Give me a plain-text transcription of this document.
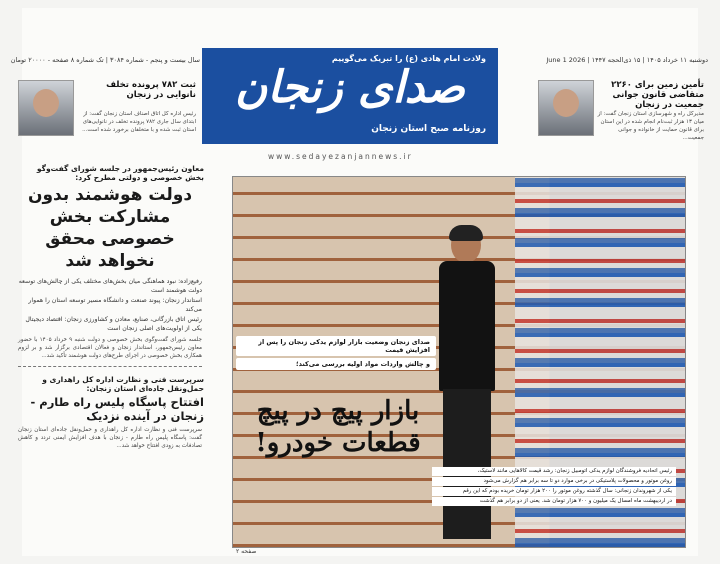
دوشنبه ۱۱ خرداد ۱۴۰۵ | ۱۵ ذی‌الحجه ۱۴۴۷ | 2026 June 1
سال بیست و پنجم - شماره ۳۰۸۴ | تک شماره ۸ صفحه - ۲۰۰۰۰ تومان	ولادت امام هادی (ع) را تبریک می‌گوییم
صدای زنجان
روزنامه صبح استان زنجان
www.sedayezanjannews.ir
تأمین زمین برای ۲۲۶۰ متقاضی قانون جوانی جمعیت در زنجان
مدیرکل راه و شهرسازی استان زنجان گفت: از میان ۱۳ هزار ثبت‌نام انجام شده در این استان برای قانون حمایت از خانواده و جوانی جمعیت...
ثبت ۷۸۲ پرونده تخلف نانوایی در زنجان
رئیس اداره کل اتاق اصناف استان زنجان گفت: از ابتدای سال جاری ۷۸۲ پرونده تخلف در نانوایی‌های استان ثبت شده و با متخلفان برخورد شده است...
معاون رئیس‌جمهور در جلسه شورای گفت‌وگو بخش خصوصی و دولتی مطرح کرد:
دولت هوشمند بدون مشارکت بخش خصوصی محقق نخواهد شد
رفیع‌زاده: نبود هماهنگی میان بخش‌های مختلف یکی از چالش‌های توسعه دولت هوشمند است
استاندار زنجان: پیوند صنعت و دانشگاه مسیر توسعه استان را هموار می‌کند
رئیس اتاق بازرگانی، صنایع، معادن و کشاورزی زنجان: اقتصاد دیجیتال یکی از اولویت‌های اصلی زنجان است
جلسه شورای گفت‌وگوی بخش خصوصی و دولت شنبه ۹ خرداد ۱۴۰۵ با حضور معاون رئیس‌جمهور، استاندار زنجان و فعالان اقتصادی برگزار شد و بر لزوم همکاری بخش خصوصی در اجرای طرح‌های دولت هوشمند تأکید شد...
سرپرست فنی و نظارت اداره کل راهداری و حمل‌ونقل جاده‌ای استان زنجان:
افتتاح پاسگاه پلیس راه طارم - زنجان در آینده نزدیک
سرپرست فنی و نظارت اداره کل راهداری و حمل‌ونقل جاده‌ای استان زنجان گفت: پاسگاه پلیس راه طارم - زنجان با هدف افزایش ایمنی تردد و کاهش تصادفات به زودی افتتاح خواهد شد...
صدای زنجان وضعیت بازار لوازم یدکی زنجان را پس از افزایش قیمت
و چالش واردات مواد اولیه بررسی می‌کند؛
بازار پیچ در پیچ قطعات خودرو!
رئیس اتحادیه فروشندگان لوازم یدکی اتومبیل زنجان: رشد قیمت کالاهایی مانند لاستیک،
روغن موتور و محصولات پلاستیکی در برخی موارد دو تا سه برابر هم گزارش می‌شود
یکی از شهروندان زنجانی: سال گذشته روغن موتور را ۲۰۰ هزار تومان خریده بودم که این رقم
در اردیبهشت ماه امسال یک میلیون و ۷۰۰ هزار تومان شد. یعنی از دو برابر هم گذشت
صفحه ۲
